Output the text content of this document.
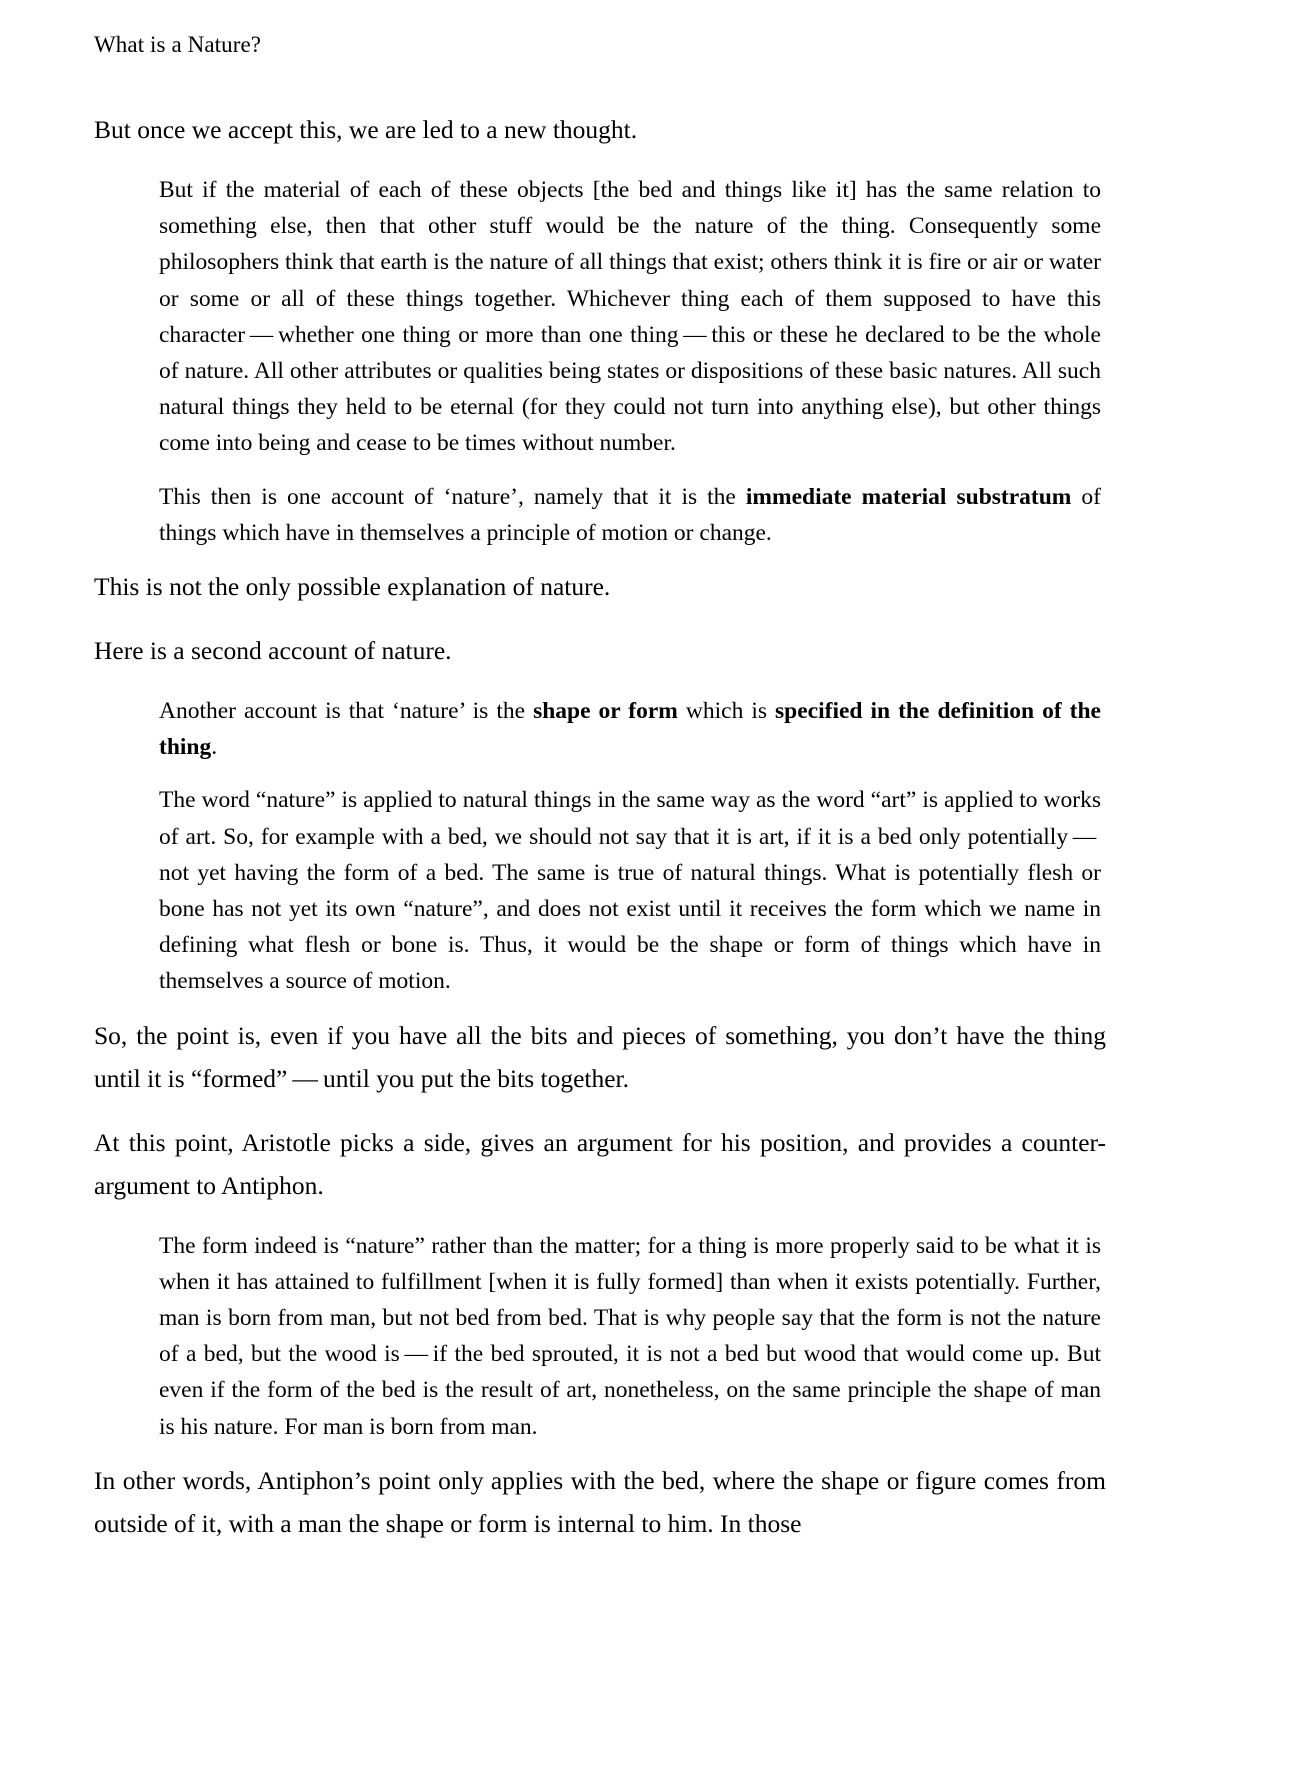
What is a Nature?

But once we accept this, we are led to a new thought.

But if the material of each of these objects [the bed and things like it] has the same relation to something else, then that other stuff would be the nature of the thing. Consequently some philosophers think that earth is the nature of all things that exist; others think it is fire or air or water or some or all of these things together. Whichever thing each of them supposed to have this character — whether one thing or more than one thing — this or these he declared to be the whole of nature. All other attributes or qualities being states or dispositions of these basic natures. All such natural things they held to be eternal (for they could not turn into anything else), but other things come into being and cease to be times without number.

This then is one account of ‘nature’, namely that it is the immediate material substratum of things which have in themselves a principle of motion or change.

This is not the only possible explanation of nature.

Here is a second account of nature.

Another account is that ‘nature’ is the shape or form which is specified in the definition of the thing.

The word “nature” is applied to natural things in the same way as the word “art” is applied to works of art. So, for example with a bed, we should not say that it is art, if it is a bed only potentially — not yet having the form of a bed. The same is true of natural things. What is potentially flesh or bone has not yet its own “nature”, and does not exist until it receives the form which we name in defining what flesh or bone is. Thus, it would be the shape or form of things which have in themselves a source of motion.

So, the point is, even if you have all the bits and pieces of something, you don’t have the thing until it is “formed” — until you put the bits together.

At this point, Aristotle picks a side, gives an argument for his position, and provides a counter-argument to Antiphon.

The form indeed is “nature” rather than the matter; for a thing is more properly said to be what it is when it has attained to fulfillment [when it is fully formed] than when it exists potentially. Further, man is born from man, but not bed from bed. That is why people say that the form is not the nature of a bed, but the wood is — if the bed sprouted, it is not a bed but wood that would come up. But even if the form of the bed is the result of art, nonetheless, on the same principle the shape of man is his nature. For man is born from man.

In other words, Antiphon’s point only applies with the bed, where the shape or figure comes from outside of it, with a man the shape or form is internal to him. In those
